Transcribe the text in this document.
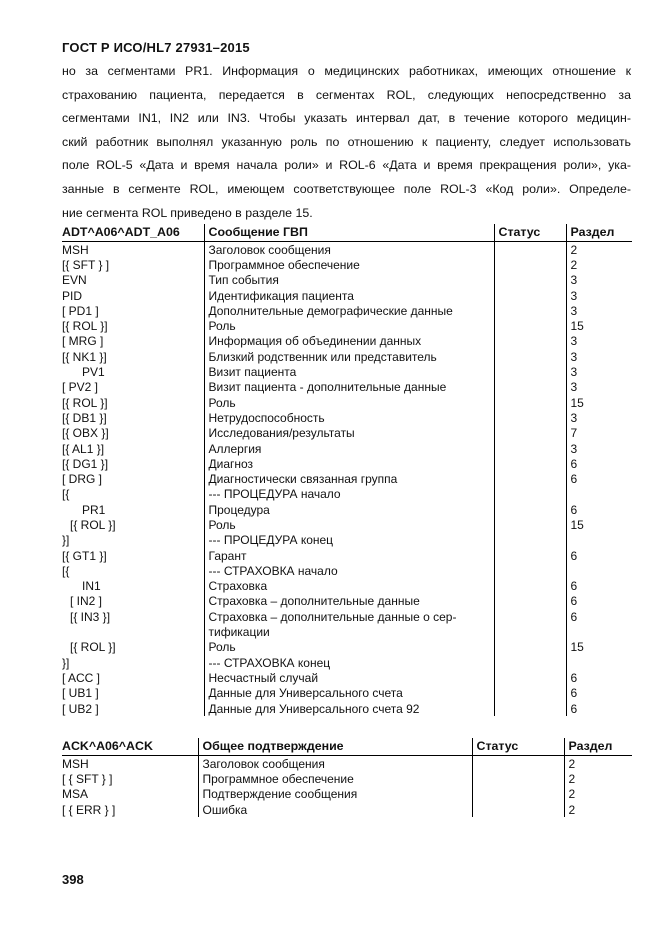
ГОСТ Р ИСО/HL7 27931–2015
но за сегментами PR1. Информация о медицинских работниках, имеющих отношение к
страхованию пациента, передается в сегментах ROL, следующих непосредственно за
сегментами IN1, IN2 или IN3. Чтобы указать интервал дат, в течение которого медицин-
ский работник выполнял указанную роль по отношению к пациенту, следует использовать
поле ROL-5 «Дата и время начала роли» и ROL-6 «Дата и время прекращения роли», ука-
занные в сегменте ROL, имеющем соответствующее поле ROL-3 «Код роли». Определе-
ние сегмента ROL приведено в разделе 15.
ADT^A06^ADT_A06	Сообщение ГВП	Статус	Раздел
MSH	Заголовок сообщения		2
[{ SFT } ]	Программное обеспечение		2
EVN	Тип события		3
PID	Идентификация пациента		3
[ PD1 ]	Дополнительные демографические данные		3
[{ ROL }]	Роль		15
[ MRG ]	Информация об объединении данных		3
[{ NK1 }]	Близкий родственник или представитель		3
PV1	Визит пациента		3
[ PV2 ]	Визит пациента - дополнительные данные		3
[{ ROL }]	Роль		15
[{ DB1 }]	Нетрудоспособность		3
[{ OBX }]	Исследования/результаты		7
[{ AL1 }]	Аллергия		3
[{ DG1 }]	Диагноз		6
[ DRG ]	Диагностически связанная группа		6
[{	--- ПРОЦЕДУРА начало		
PR1	Процедура		6
[{ ROL }]	Роль		15
}]	--- ПРОЦЕДУРА конец		
[{ GT1 }]	Гарант		6
[{	--- СТРАХОВКА начало		
IN1	Страховка		6
[ IN2 ]	Страховка – дополнительные данные		6
[{ IN3 }]	Страховка – дополнительные данные о сер-		6
	тификации		
[{ ROL }]	Роль		15
}]	--- СТРАХОВКА конец		
[ ACC ]	Несчастный случай		6
[ UB1 ]	Данные для Универсального счета		6
[ UB2 ]	Данные для Универсального счета 92		6
ACK^A06^ACK	Общее подтверждение	Статус	Раздел
MSH	Заголовок сообщения		2
[ { SFT } ]	Программное обеспечение		2
MSA	Подтверждение сообщения		2
[ { ERR } ]	Ошибка		2
398
